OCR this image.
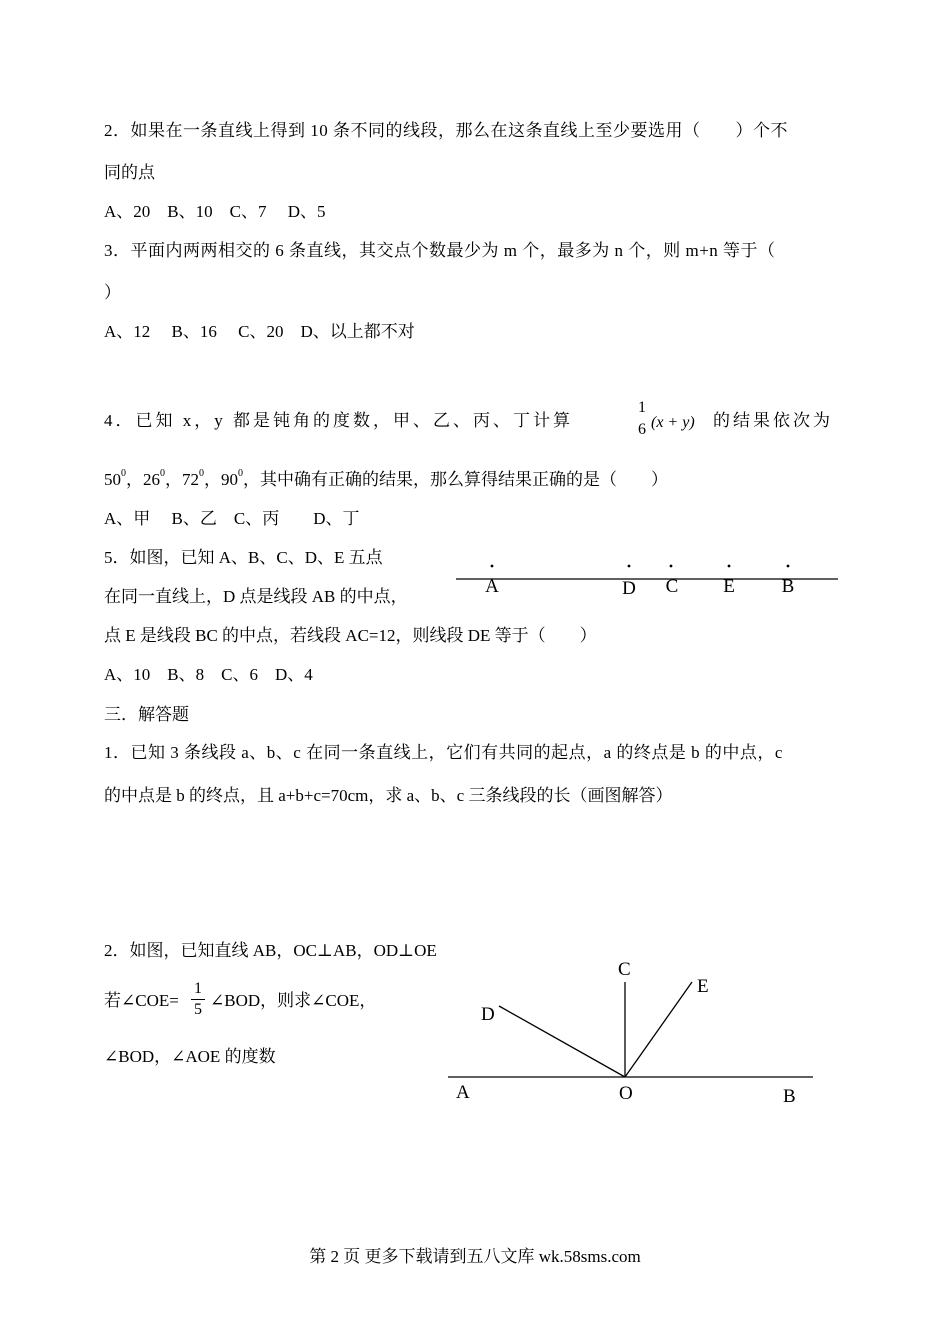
2．如果在一条直线上得到 10 条不同的线段，那么在这条直线上至少要选用（　　）个不
同的点
A、20　B、10　C、7　 D、5
3．平面内两两相交的 6 条直线，其交点个数最少为 m 个，最多为 n 个，则 m+n 等于（
）
A、12　 B、16　 C、20　D、以上都不对
4．已知 x，y 都是钝角的度数，甲、乙、丙、丁计算
1
6 (x + y) 的结果依次为
$50^0$，$26^0$，$72^0$，$90^0$，其中确有正确的结果，那么算得结果正确的是（　　）
A、甲　 B、乙　C、丙　　D、丁
5．如图，已知 A、B、C、D、E 五点
在同一直线上，D 点是线段 AB 的中点，
点 E 是线段 BC 的中点，若线段 AC=12，则线段 DE 等于（　　）
A、10　B、8　C、6　D、4
A	D C E B
C
E
D
A	O	B
三．解答题
1．已知 3 条线段 a、b、c 在同一条直线上，它们有共同的起点，a 的终点是 b 的中点，c
的中点是 b 的终点，且 a+b+c=70cm，求 a、b、c 三条线段的长（画图解答）
2．如图，已知直线 AB，OC⊥AB，OD⊥OE
若∠COE=
1
5 ∠BOD，则求∠COE，
∠BOD，∠AOE 的度数
第 2 页 更多下载请到五八文库 wk.58sms.com
